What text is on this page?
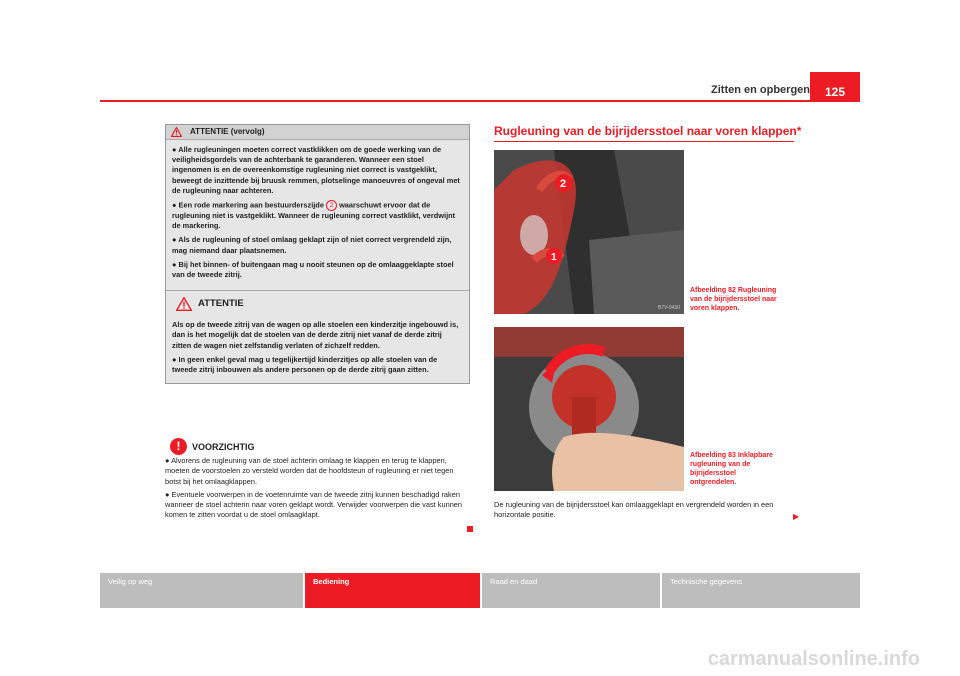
Zitten en opbergen	125
ATTENTIE (vervolg)

● Alle rugleuningen moeten correct vastklikken om de goede werking van de veiligheidsgordels van de achterbank te garanderen. Wanneer een stoel ingenomen is en de overeenkomstige rugleuning niet correct is vastgeklikt, beweegt de inzittende bij bruusk remmen, plotselinge manoeuvres of ongeval met de rugleuning naar achteren.

● Een rode markering aan bestuurderszijde 2 waarschuwt ervoor dat de rugleuning niet is vastgeklikt. Wanneer de rugleuning correct vastklikt, verdwijnt de markering.

● Als de rugleuning of stoel omlaag geklapt zijn of niet correct vergrendeld zijn, mag niemand daar plaatsnemen.

● Bij het binnen- of buitengaan mag u nooit steunen op de omlaaggeklapte stoel van de tweede zitrij.

ATTENTIE

Als op de tweede zitrij van de wagen op alle stoelen een kinderzitje ingebouwd is, dan is het mogelijk dat de stoelen van de derde zitrij niet vanaf de derde zitrij zitten de wagen niet zelfstandig verlaten of zichzelf redden.

● In geen enkel geval mag u tegelijkertijd kinderzitjes op alle stoelen van de tweede zitrij inbouwen als andere personen op de derde zitrij gaan zitten.

!	VOORZICHTIG

● Alvorens de rugleuning van de stoel achterin omlaag te klappen en terug te klappen, moeten de voorstoelen zo versteld worden dat de hoofdsteun of rugleuning er niet tegen botst bij het omlaagklappen.

● Eventuele voorwerpen in de voetenruimte van de tweede zitrij kunnen beschadigd raken wanneer de stoel achterin naar voren geklapt wordt. Verwijder voorwerpen die vast kunnen komen te zitten voordat u de stoel omlaagklapt.

Rugleuning van de bijrijdersstoel naar voren klappen*
2
1
B7V-0430
Afbeelding 82 Rugleuning van de bijrijdersstoel naar voren klappen.
B7V-0429
Afbeelding 83 Inklapbare rugleuning van de bijrijdersstoel ontgrendelen.
De rugleuning van de bijrijdersstoel kan omlaaggeklapt en vergrendeld worden in een horizontale positie.	▶
Veilig op weg	Bediening	Raad en daad	Technische gegevens
carmanualsonline.info
